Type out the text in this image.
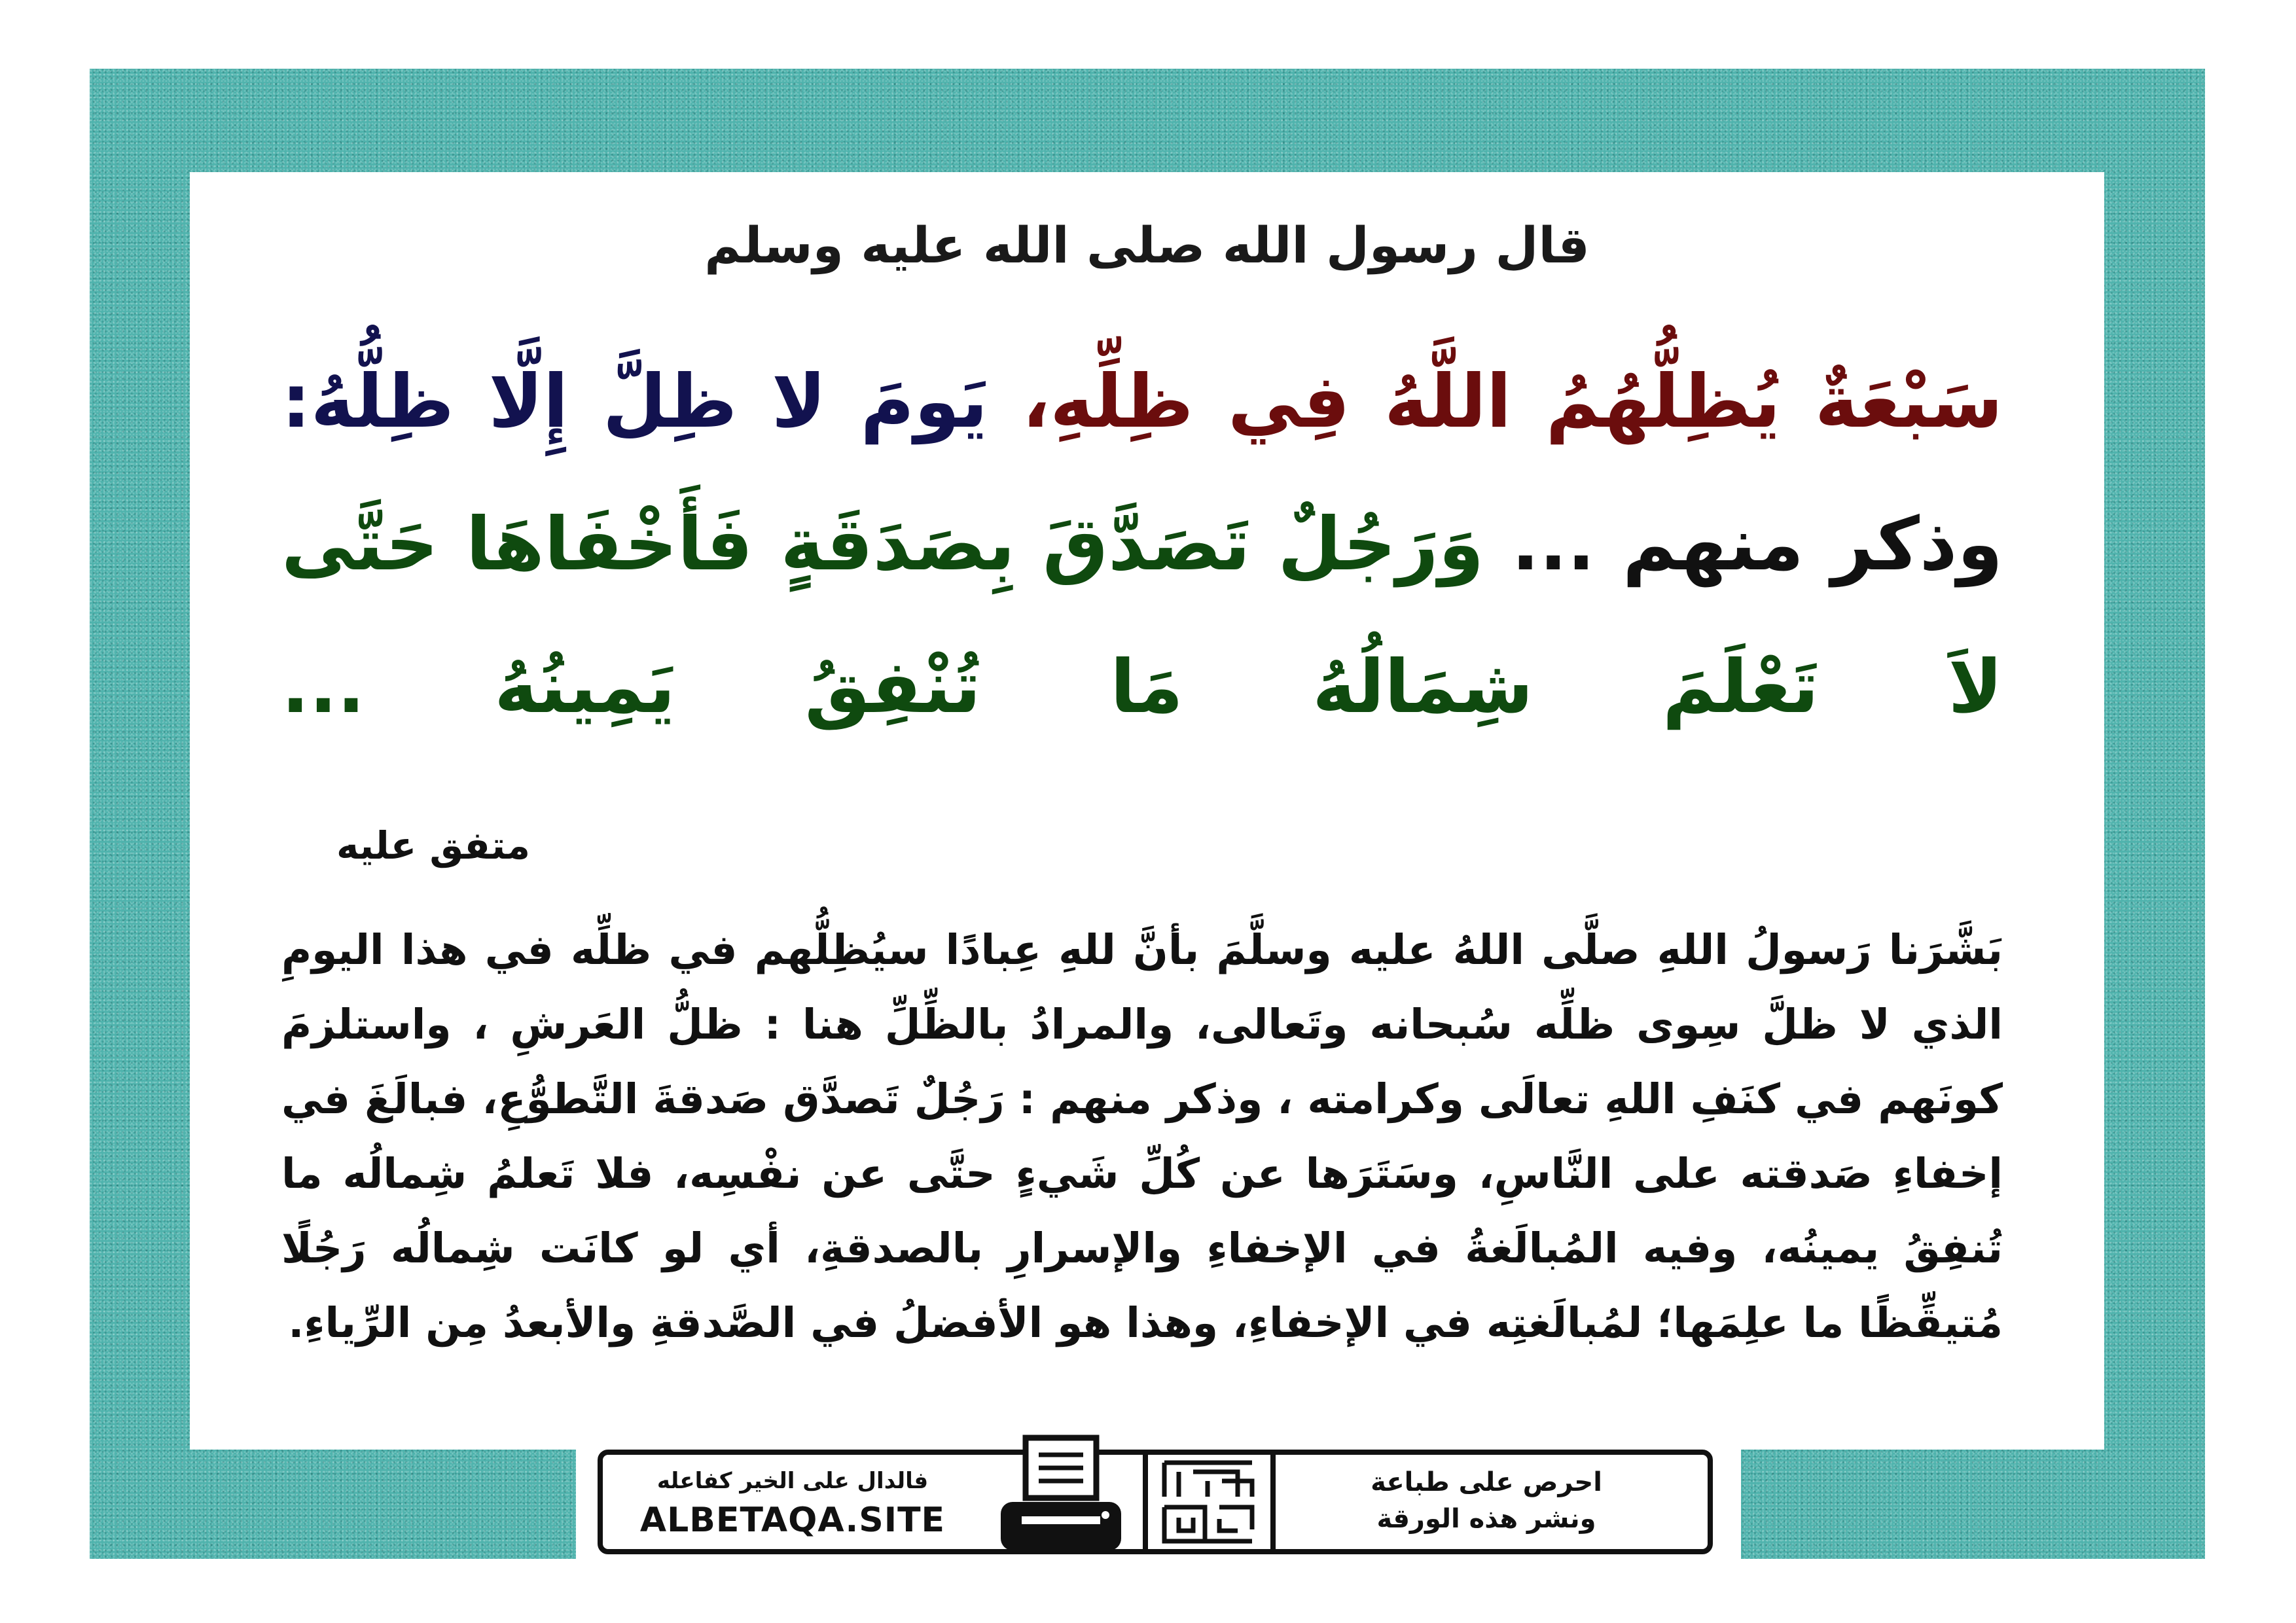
قال رسول الله صلى الله عليه وسلم
سَبْعَةٌ يُظِلُّهُمُ اللَّهُ فِي ظِلِّهِ، يَومَ لا ظِلَّ إِلَّا ظِلُّهُ: وذكر منهم ... وَرَجُلٌ تَصَدَّقَ بِصَدَقَةٍ فَأَخْفَاهَا حَتَّى لاَ تَعْلَمَ شِمَالُهُ مَا تُنْفِقُ يَمِينُهُ ...
متفق عليه
بَشَّرَنا رَسولُ اللهِ صلَّى اللهُ عليه وسلَّمَ بأنَّ للهِ عِبادًا سيُظِلُّهم في ظلِّه في هذا اليومِ الذي لا ظلَّ سِوى ظلِّه سُبحانه وتَعالى، والمرادُ بالظِّلِّ هنا : ظلُّ العَرشِ ، واستلزمَ كونَهم في كنَفِ اللهِ تعالَى وكرامته ، وذكر منهم : رَجُلٌ تَصدَّق صَدقةَ التَّطوُّعِ، فبالَغَ في إخفاءِ صَدقته على النَّاسِ، وسَتَرَها عن كُلِّ شَيءٍ حتَّى عن نفْسِه، فلا تَعلمُ شِمالُه ما تُنفِقُ يمينُه، وفيه المُبالَغةُ في الإخفاءِ والإسرارِ بالصدقةِ، أي لو كانَت شِمالُه رَجُلًا مُتيقِّظًا ما علِمَها؛ لمُبالَغتِه في الإخفاءِ، وهذا هو الأفضلُ في الصَّدقةِ والأبعدُ مِن الرِّياءِ.
فالدال على الخير كفاعله
ALBETAQA.SITE
احرص على طباعة
ونشر هذه الورقة
